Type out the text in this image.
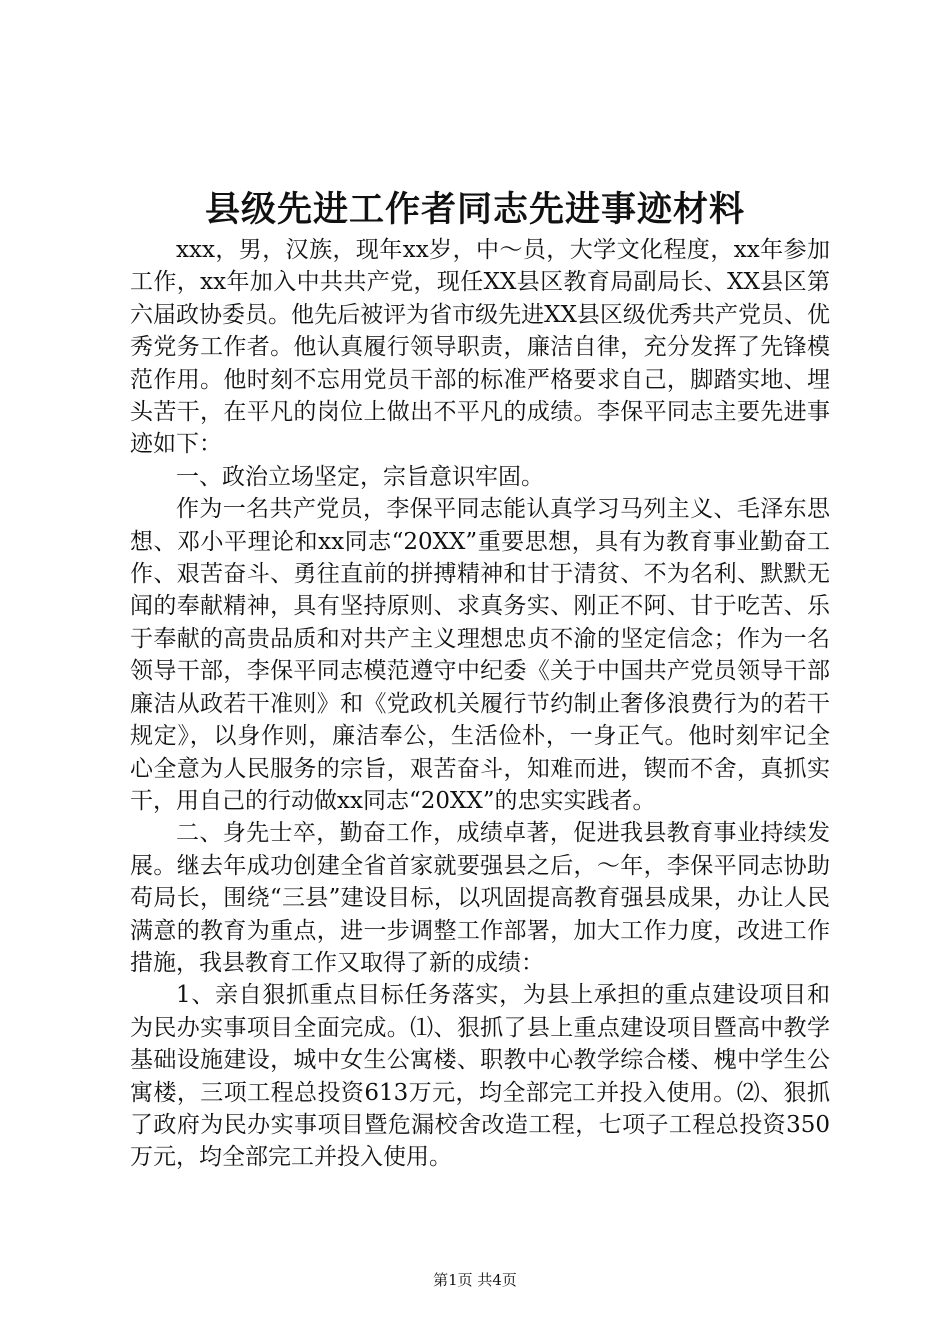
县级先进工作者同志先进事迹材料

xxx，男，汉族，现年xx岁，中～员，大学文化程度，xx年参加工作，xx年加入中共共产党，现任XX县区教育局副局长、XX县区第六届政协委员。他先后被评为省市级先进XX县区级优秀共产党员、优秀党务工作者。他认真履行领导职责，廉洁自律，充分发挥了先锋模范作用。他时刻不忘用党员干部的标准严格要求自己，脚踏实地、埋头苦干，在平凡的岗位上做出不平凡的成绩。李保平同志主要先进事迹如下：

一、政治立场坚定，宗旨意识牢固。

作为一名共产党员，李保平同志能认真学习马列主义、毛泽东思想、邓小平理论和xx同志“20XX”重要思想，具有为教育事业勤奋工作、艰苦奋斗、勇往直前的拼搏精神和甘于清贫、不为名利、默默无闻的奉献精神，具有坚持原则、求真务实、刚正不阿、甘于吃苦、乐于奉献的高贵品质和对共产主义理想忠贞不渝的坚定信念；作为一名领导干部，李保平同志模范遵守中纪委《关于中国共产党员领导干部廉洁从政若干准则》和《党政机关履行节约制止奢侈浪费行为的若干规定》，以身作则，廉洁奉公，生活俭朴，一身正气。他时刻牢记全心全意为人民服务的宗旨，艰苦奋斗，知难而进，锲而不舍，真抓实干，用自己的行动做xx同志“20XX”的忠实实践者。

二、身先士卒，勤奋工作，成绩卓著，促进我县教育事业持续发展。继去年成功创建全省首家就要强县之后，～年，李保平同志协助苟局长，围绕“三县”建设目标，以巩固提高教育强县成果，办让人民满意的教育为重点，进一步调整工作部署，加大工作力度，改进工作措施，我县教育工作又取得了新的成绩：

1、亲自狠抓重点目标任务落实，为县上承担的重点建设项目和为民办实事项目全面完成。⑴、狠抓了县上重点建设项目暨高中教学基础设施建设，城中女生公寓楼、职教中心教学综合楼、槐中学生公寓楼，三项工程总投资613万元，均全部完工并投入使用。⑵、狠抓了政府为民办实事项目暨危漏校舍改造工程，七项子工程总投资350万元，均全部完工并投入使用。

第1页 共4页
